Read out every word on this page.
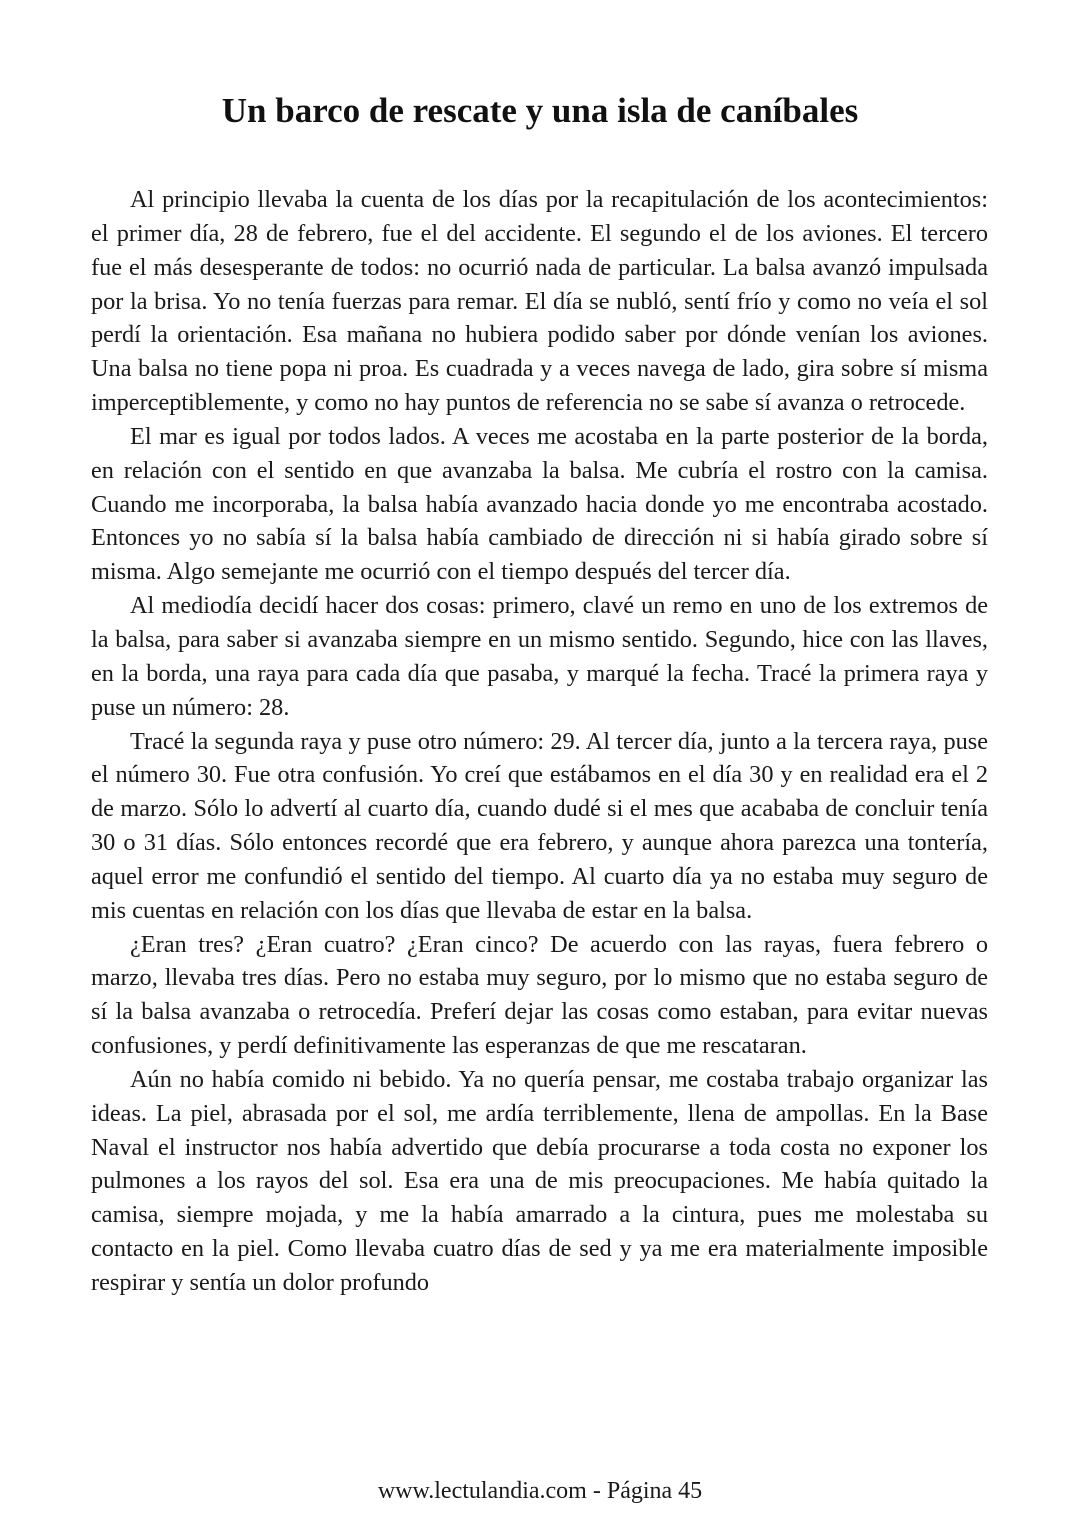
Un barco de rescate y una isla de caníbales

Al principio llevaba la cuenta de los días por la recapitulación de los acontecimientos: el primer día, 28 de febrero, fue el del accidente. El segundo el de los aviones. El tercero fue el más desesperante de todos: no ocurrió nada de particular. La balsa avanzó impulsada por la brisa. Yo no tenía fuerzas para remar. El día se nubló, sentí frío y como no veía el sol perdí la orientación. Esa mañana no hubiera podido saber por dónde venían los aviones. Una balsa no tiene popa ni proa. Es cuadrada y a veces navega de lado, gira sobre sí misma imperceptiblemente, y como no hay puntos de referencia no se sabe sí avanza o retrocede.

El mar es igual por todos lados. A veces me acostaba en la parte posterior de la borda, en relación con el sentido en que avanzaba la balsa. Me cubría el rostro con la camisa. Cuando me incorporaba, la balsa había avanzado hacia donde yo me encontraba acostado. Entonces yo no sabía sí la balsa había cambiado de dirección ni si había girado sobre sí misma. Algo semejante me ocurrió con el tiempo después del tercer día.

Al mediodía decidí hacer dos cosas: primero, clavé un remo en uno de los extremos de la balsa, para saber si avanzaba siempre en un mismo sentido. Segundo, hice con las llaves, en la borda, una raya para cada día que pasaba, y marqué la fecha. Tracé la primera raya y puse un número: 28.

Tracé la segunda raya y puse otro número: 29. Al tercer día, junto a la tercera raya, puse el número 30. Fue otra confusión. Yo creí que estábamos en el día 30 y en realidad era el 2 de marzo. Sólo lo advertí al cuarto día, cuando dudé si el mes que acababa de concluir tenía 30 o 31 días. Sólo entonces recordé que era febrero, y aunque ahora parezca una tontería, aquel error me confundió el sentido del tiempo. Al cuarto día ya no estaba muy seguro de mis cuentas en relación con los días que llevaba de estar en la balsa.

¿Eran tres? ¿Eran cuatro? ¿Eran cinco? De acuerdo con las rayas, fuera febrero o marzo, llevaba tres días. Pero no estaba muy seguro, por lo mismo que no estaba seguro de sí la balsa avanzaba o retrocedía. Preferí dejar las cosas como estaban, para evitar nuevas confusiones, y perdí definitivamente las esperanzas de que me rescataran.

Aún no había comido ni bebido. Ya no quería pensar, me costaba trabajo organizar las ideas. La piel, abrasada por el sol, me ardía terriblemente, llena de ampollas. En la Base Naval el instructor nos había advertido que debía procurarse a toda costa no exponer los pulmones a los rayos del sol. Esa era una de mis preocupaciones. Me había quitado la camisa, siempre mojada, y me la había amarrado a la cintura, pues me molestaba su contacto en la piel. Como llevaba cuatro días de sed y ya me era materialmente imposible respirar y sentía un dolor profundo

www.lectulandia.com - Página 45
